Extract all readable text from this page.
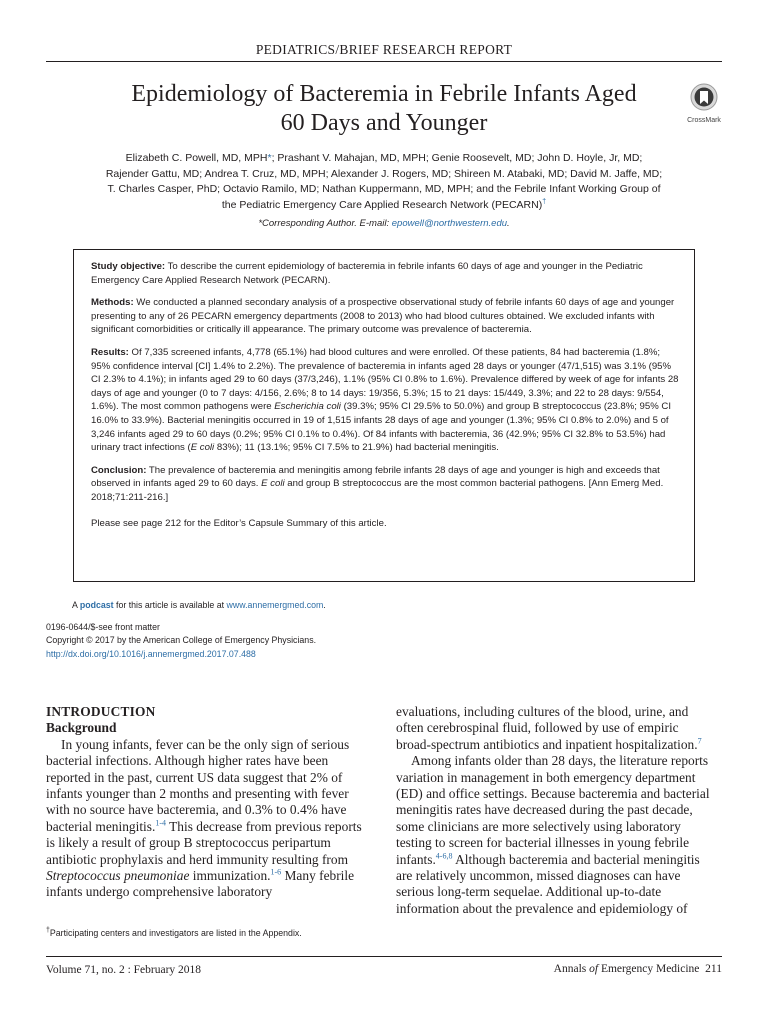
PEDIATRICS/BRIEF RESEARCH REPORT
Epidemiology of Bacteremia in Febrile Infants Aged
60 Days and Younger	CrossMark
Elizabeth C. Powell, MD, MPH*; Prashant V. Mahajan, MD, MPH; Genie Roosevelt, MD; John D. Hoyle, Jr, MD;
Rajender Gattu, MD; Andrea T. Cruz, MD, MPH; Alexander J. Rogers, MD; Shireen M. Atabaki, MD; David M. Jaffe, MD;
T. Charles Casper, PhD; Octavio Ramilo, MD; Nathan Kuppermann, MD, MPH; and the Febrile Infant Working Group of
the Pediatric Emergency Care Applied Research Network (PECARN)†
*Corresponding Author. E-mail: epowell@northwestern.edu.

Study objective: To describe the current epidemiology of bacteremia in febrile infants 60 days of age and younger in the Pediatric Emergency Care Applied Research Network (PECARN).

Methods: We conducted a planned secondary analysis of a prospective observational study of febrile infants 60 days of age and younger presenting to any of 26 PECARN emergency departments (2008 to 2013) who had blood cultures obtained. We excluded infants with significant comorbidities or critically ill appearance. The primary outcome was prevalence of bacteremia.

Results: Of 7,335 screened infants, 4,778 (65.1%) had blood cultures and were enrolled. Of these patients, 84 had bacteremia (1.8%; 95% confidence interval [CI] 1.4% to 2.2%). The prevalence of bacteremia in infants aged 28 days or younger (47/1,515) was 3.1% (95% CI 2.3% to 4.1%); in infants aged 29 to 60 days (37/3,246), 1.1% (95% CI 0.8% to 1.6%). Prevalence differed by week of age for infants 28 days of age and younger (0 to 7 days: 4/156, 2.6%; 8 to 14 days: 19/356, 5.3%; 15 to 21 days: 15/449, 3.3%; and 22 to 28 days: 9/554, 1.6%). The most common pathogens were Escherichia coli (39.3%; 95% CI 29.5% to 50.0%) and group B streptococcus (23.8%; 95% CI 16.0% to 33.9%). Bacterial meningitis occurred in 19 of 1,515 infants 28 days of age and younger (1.3%; 95% CI 0.8% to 2.0%) and 5 of 3,246 infants aged 29 to 60 days (0.2%; 95% CI 0.1% to 0.4%). Of 84 infants with bacteremia, 36 (42.9%; 95% CI 32.8% to 53.5%) had urinary tract infections (E coli 83%); 11 (13.1%; 95% CI 7.5% to 21.9%) had bacterial meningitis.

Conclusion: The prevalence of bacteremia and meningitis among febrile infants 28 days of age and younger is high and exceeds that observed in infants aged 29 to 60 days. E coli and group B streptococcus are the most common bacterial pathogens. [Ann Emerg Med. 2018;71:211-216.]

Please see page 212 for the Editor’s Capsule Summary of this article.

A podcast for this article is available at www.annemergmed.com.
0196-0644/$-see front matter
Copyright © 2017 by the American College of Emergency Physicians.
http://dx.doi.org/10.1016/j.annemergmed.2017.07.488

INTRODUCTION

Background

In young infants, fever can be the only sign of serious bacterial infections. Although higher rates have been reported in the past, current US data suggest that 2% of infants younger than 2 months and presenting with fever with no source have bacteremia, and 0.3% to 0.4% have bacterial meningitis.$^{1-4}$ This decrease from previous reports is likely a result of group B streptococcus peripartum antibiotic prophylaxis and herd immunity resulting from Streptococcus pneumoniae immunization.$^{1-6}$ Many febrile infants undergo comprehensive laboratory

evaluations, including cultures of the blood, urine, and often cerebrospinal fluid, followed by use of empiric broad-spectrum antibiotics and inpatient hospitalization.$^7$

Among infants older than 28 days, the literature reports variation in management in both emergency department (ED) and office settings. Because bacteremia and bacterial meningitis rates have decreased during the past decade, some clinicians are more selectively using laboratory testing to screen for bacterial illnesses in young febrile infants.$^{4-6,8}$ Although bacteremia and bacterial meningitis are relatively uncommon, missed diagnoses can have serious long-term sequelae. Additional up-to-date information about the prevalence and epidemiology of

†Participating centers and investigators are listed in the Appendix.
Volume 71, no. 2 : February 2018	Annals of Emergency Medicine 211
